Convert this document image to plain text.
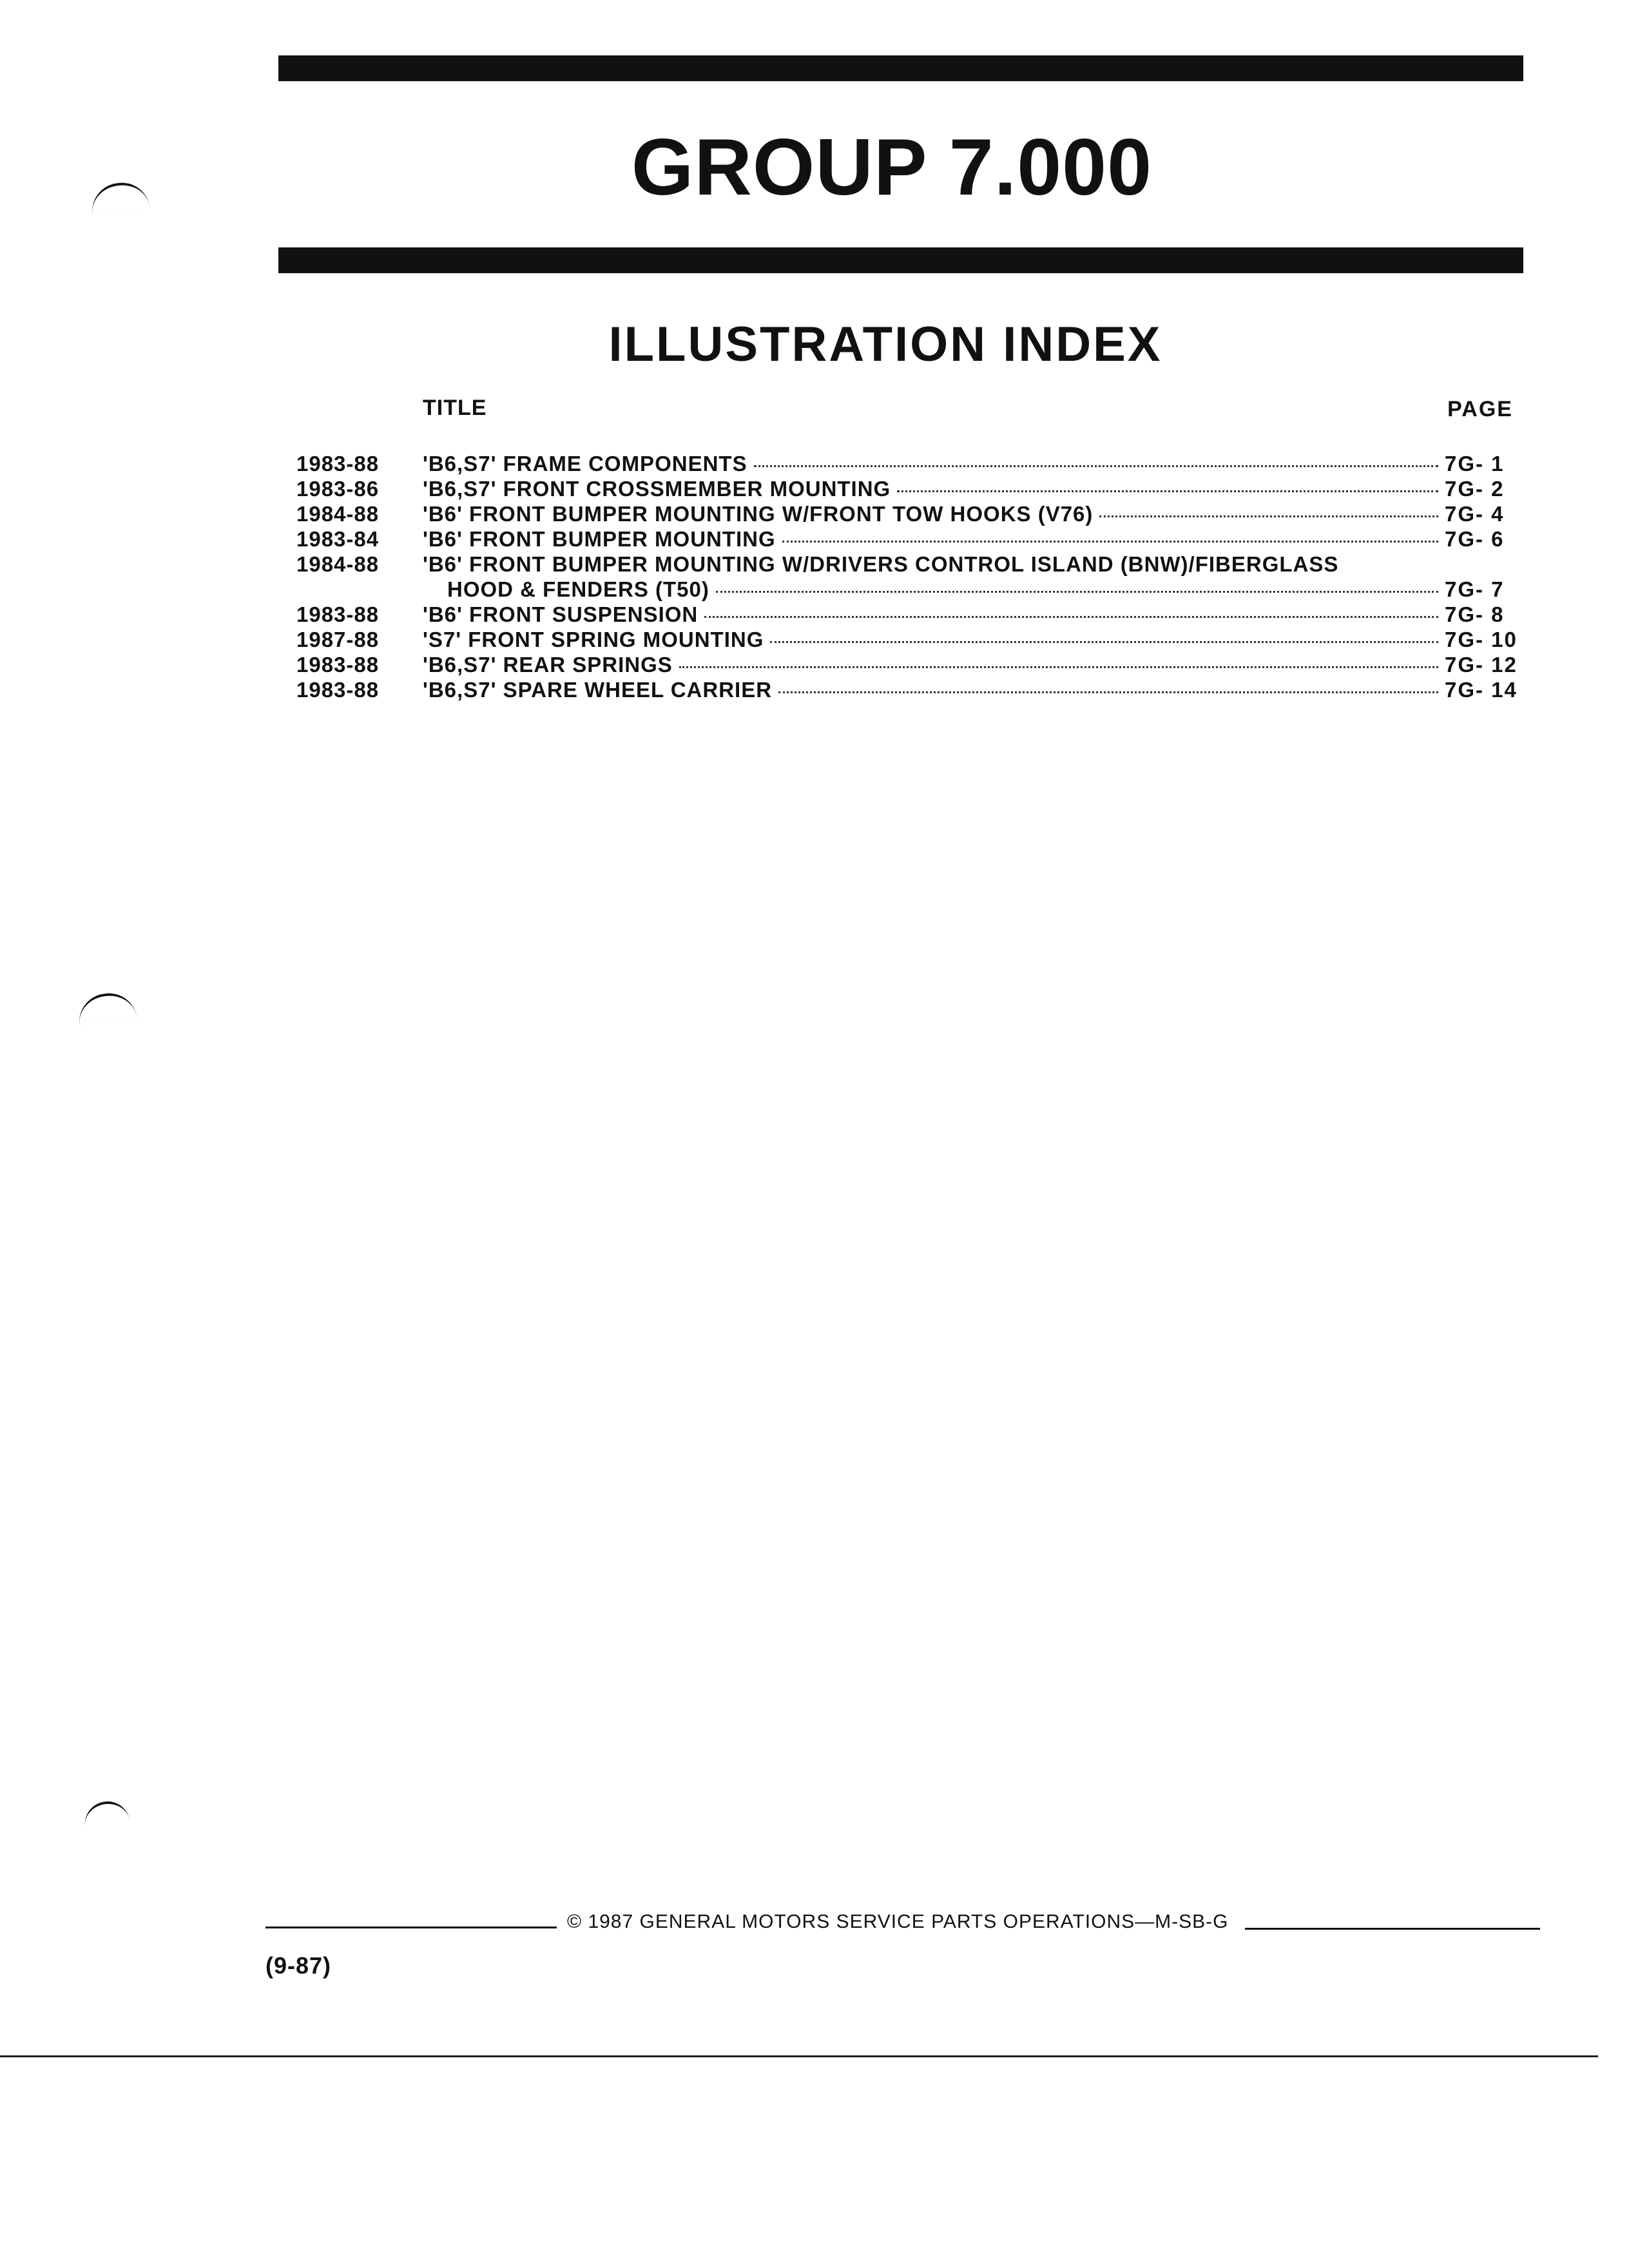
GROUP 7.000
ILLUSTRATION INDEX
TITLE	PAGE
1983-88 'B6,S7' FRAME COMPONENTS	7G- 1
1983-86 'B6,S7' FRONT CROSSMEMBER MOUNTING	7G- 2
1984-88 'B6' FRONT BUMPER MOUNTING W/FRONT TOW HOOKS (V76)	7G- 4
1983-84 'B6' FRONT BUMPER MOUNTING	7G- 6
1984-88 'B6' FRONT BUMPER MOUNTING W/DRIVERS CONTROL ISLAND (BNW)/FIBERGLASS
HOOD & FENDERS (T50)	7G- 7
1983-88 'B6' FRONT SUSPENSION	7G- 8
1987-88 'S7' FRONT SPRING MOUNTING	7G- 10
1983-88 'B6,S7' REAR SPRINGS	7G- 12
1983-88 'B6,S7' SPARE WHEEL CARRIER	7G- 14
© 1987 GENERAL MOTORS SERVICE PARTS OPERATIONS—M-SB-G
(9-87)
